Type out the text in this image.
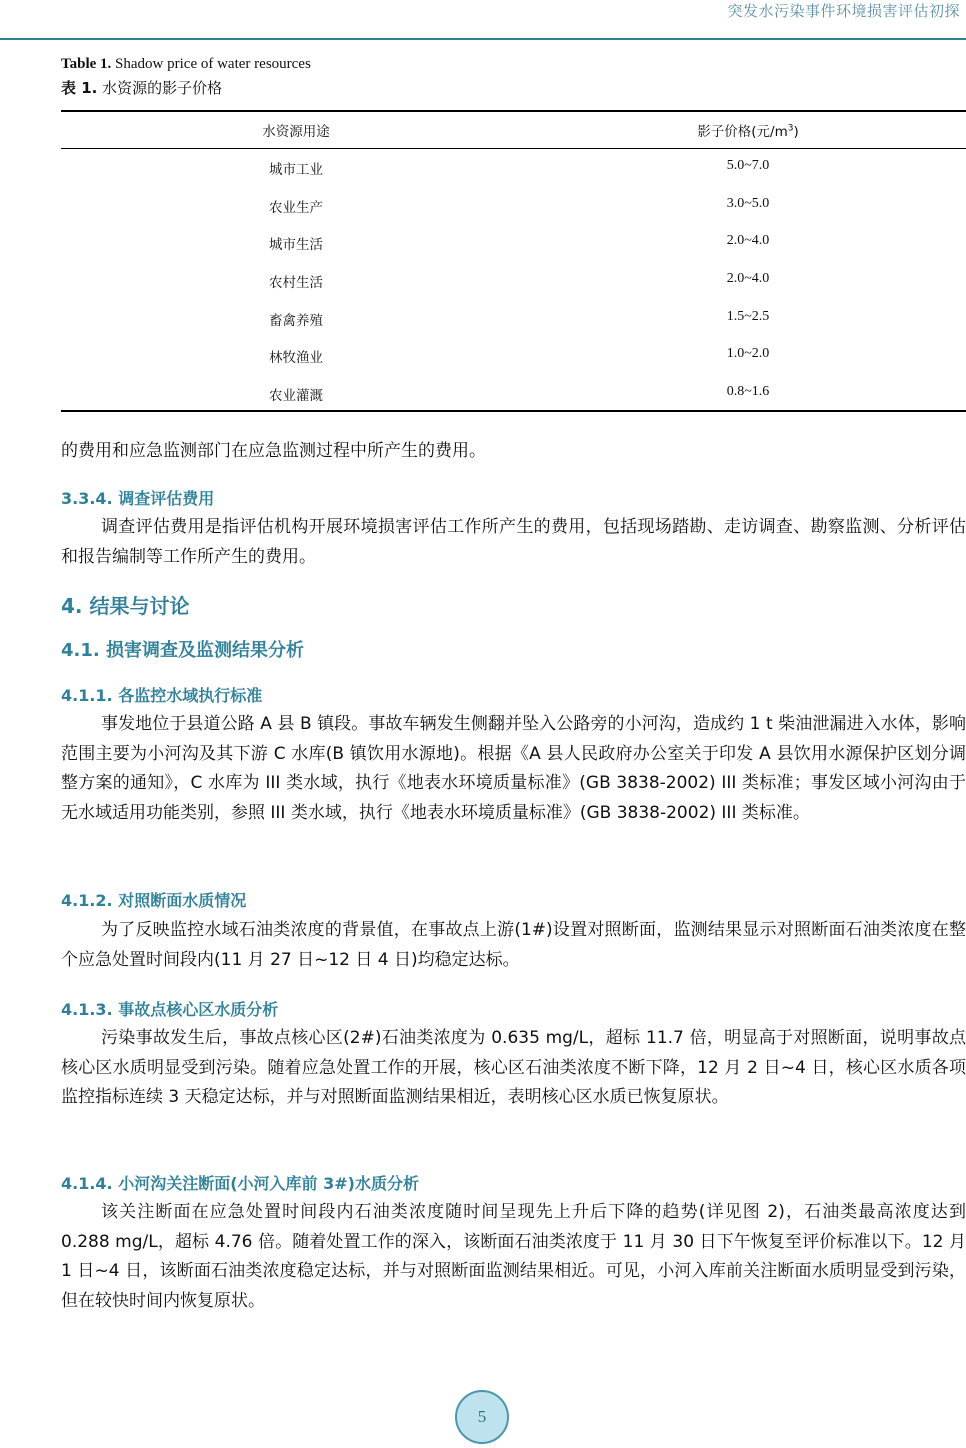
突发水污染事件环境损害评估初探
Table 1. Shadow price of water resources
表 1. 水资源的影子价格
水资源用途	影子价格(元$/m^3$)
城市工业	5.0~7.0
农业生产	3.0~5.0
城市生活	2.0~4.0
农村生活	2.0~4.0
畜禽养殖	1.5~2.5
林牧渔业	1.0~2.0
农业灌溉	0.8~1.6
的费用和应急监测部门在应急监测过程中所产生的费用。
3.3.4. 调查评估费用
调查评估费用是指评估机构开展环境损害评估工作所产生的费用，包括现场踏勘、走访调查、勘察监测、分析评估和报告编制等工作所产生的费用。
4. 结果与讨论
4.1. 损害调查及监测结果分析
4.1.1. 各监控水域执行标准
事发地位于县道公路 A 县 B 镇段。事故车辆发生侧翻并坠入公路旁的小河沟，造成约 1 t 柴油泄漏进入水体，影响范围主要为小河沟及其下游 C 水库(B 镇饮用水源地)。根据《A 县人民政府办公室关于印发 A 县饮用水源保护区划分调整方案的通知》，C 水库为 III 类水域，执行《地表水环境质量标准》(GB 3838-2002) III 类标准；事发区域小河沟由于无水域适用功能类别，参照 III 类水域，执行《地表水环境质量标准》(GB 3838-2002) III 类标准。
4.1.2. 对照断面水质情况
为了反映监控水域石油类浓度的背景值，在事故点上游(1#)设置对照断面，监测结果显示对照断面石油类浓度在整个应急处置时间段内(11 月 27 日~12 日 4 日)均稳定达标。
4.1.3. 事故点核心区水质分析
污染事故发生后，事故点核心区(2#)石油类浓度为 0.635 mg/L，超标 11.7 倍，明显高于对照断面，说明事故点核心区水质明显受到污染。随着应急处置工作的开展，核心区石油类浓度不断下降，12 月 2 日~4 日，核心区水质各项监控指标连续 3 天稳定达标，并与对照断面监测结果相近，表明核心区水质已恢复原状。
4.1.4. 小河沟关注断面(小河入库前 3#)水质分析
该关注断面在应急处置时间段内石油类浓度随时间呈现先上升后下降的趋势(详见图 2)，石油类最高浓度达到 0.288 mg/L，超标 4.76 倍。随着处置工作的深入，该断面石油类浓度于 11 月 30 日下午恢复至评价标准以下。12 月 1 日~4 日，该断面石油类浓度稳定达标，并与对照断面监测结果相近。可见，小河入库前关注断面水质明显受到污染，但在较快时间内恢复原状。
5
